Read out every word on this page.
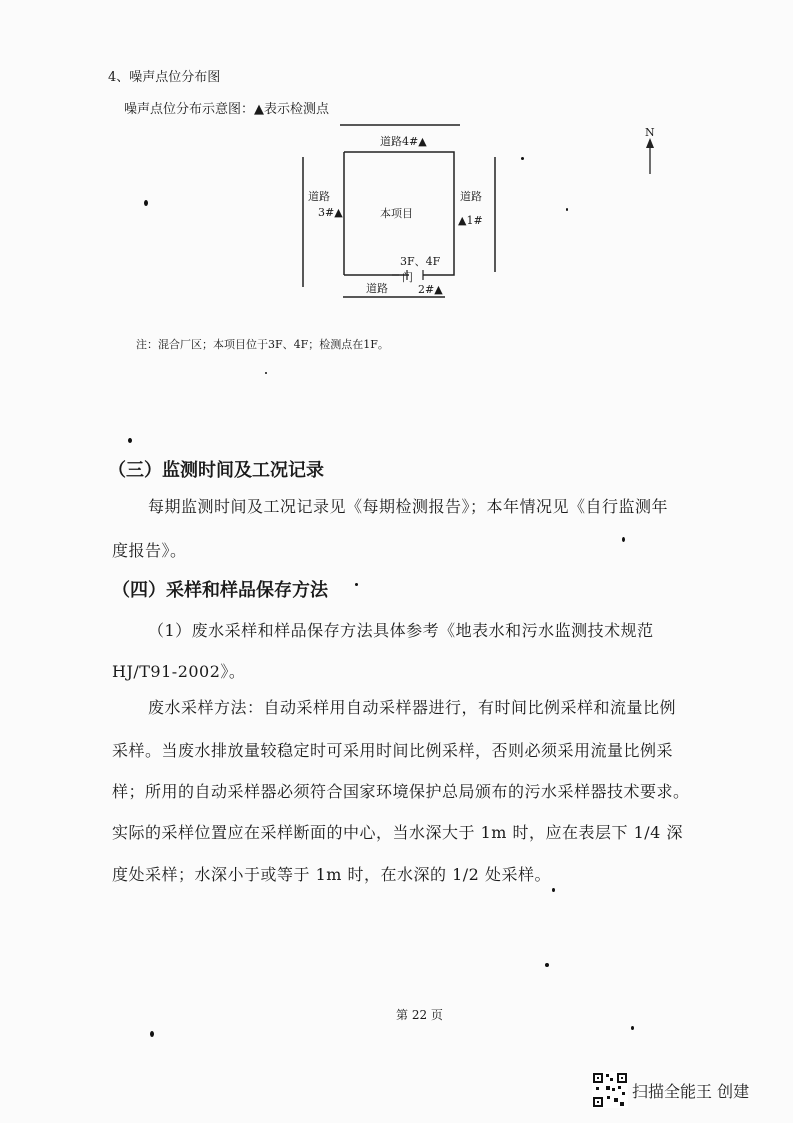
4、噪声点位分布图
噪声点位分布示意图：▲表示检测点
道路4#▲
道路
3#▲	本项目
道路
▲1#
3F、4F
门
道路	2#▲
N
注：混合厂区；本项目位于3F、4F；检测点在1F。
（三）监测时间及工况记录
每期监测时间及工况记录见《每期检测报告》；本年情况见《自行监测年
度报告》。
（四）采样和样品保存方法
（1）废水采样和样品保存方法具体参考《地表水和污水监测技术规范
HJ/T91-2002》。
废水采样方法：自动采样用自动采样器进行，有时间比例采样和流量比例
采样。当废水排放量较稳定时可采用时间比例采样，否则必须采用流量比例采
样；所用的自动采样器必须符合国家环境保护总局颁布的污水采样器技术要求。
实际的采样位置应在采样断面的中心，当水深大于 1m 时，应在表层下 1/4 深
度处采样；水深小于或等于 1m 时，在水深的 1/2 处采样。
第 22 页
扫描全能王 创建
